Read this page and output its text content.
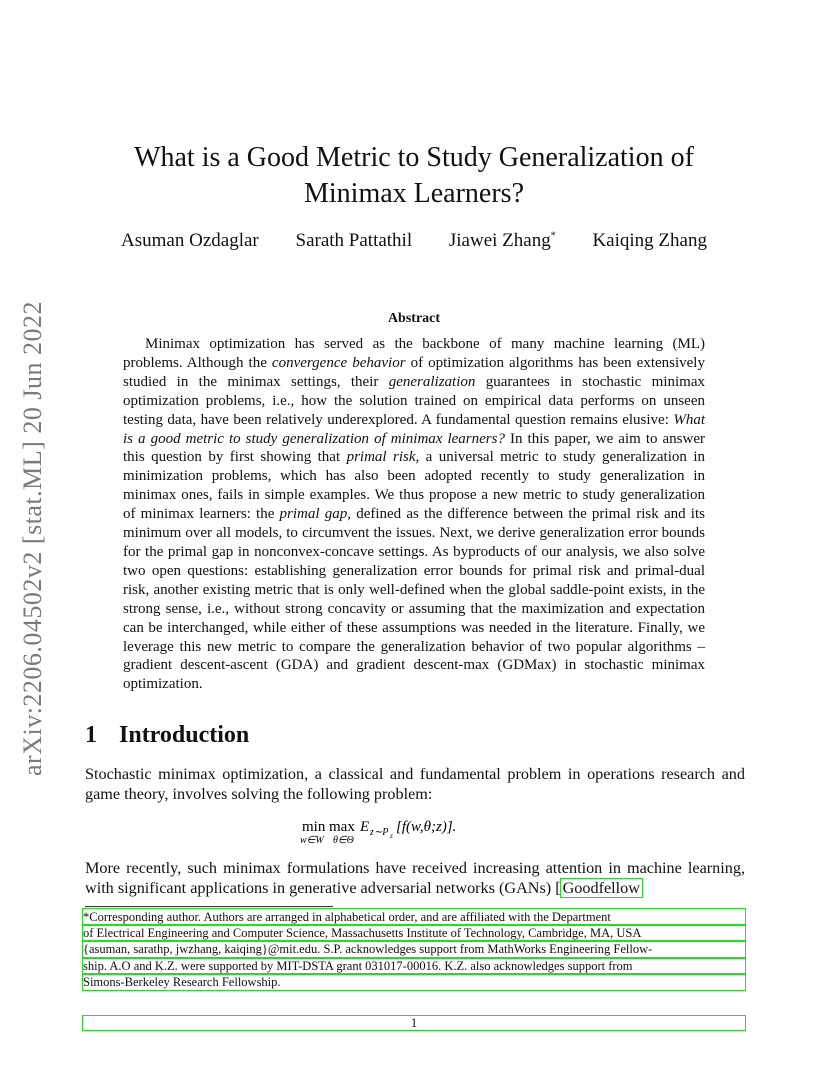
arXiv:2206.04502v2 [stat.ML] 20 Jun 2022
What is a Good Metric to Study Generalization of
Minimax Learners?
Asuman Ozdaglar Sarath Pattathil Jiawei Zhang* Kaiqing Zhang
Abstract
Minimax optimization has served as the backbone of many machine learning (ML) problems. Although the convergence behavior of optimization algorithms has been extensively studied in the minimax settings, their generalization guarantees in stochastic minimax optimization problems, i.e., how the solution trained on empirical data performs on unseen testing data, have been relatively underexplored. A fundamental question remains elusive: What is a good metric to study generalization of minimax learners? In this paper, we aim to answer this question by first showing that primal risk, a universal metric to study generalization in minimization problems, which has also been adopted recently to study generalization in minimax ones, fails in simple examples. We thus propose a new metric to study generalization of minimax learners: the primal gap, defined as the difference between the primal risk and its minimum over all models, to circumvent the issues. Next, we derive generalization error bounds for the primal gap in nonconvex-concave settings. As byproducts of our analysis, we also solve two open questions: establishing generalization error bounds for primal risk and primal-dual risk, another existing metric that is only well-defined when the global saddle-point exists, in the strong sense, i.e., without strong concavity or assuming that the maximization and expectation can be interchanged, while either of these assumptions was needed in the literature. Finally, we leverage this new metric to compare the generalization behavior of two popular algorithms – gradient descent-ascent (GDA) and gradient descent-max (GDMax) in stochastic minimax optimization.
1 Introduction
Stochastic minimax optimization, a classical and fundamental problem in operations research and game theory, involves solving the following problem:
min
w∈W
max
θ∈Θ
E z∼P z
[f(w,θ;z)].
More recently, such minimax formulations have received increasing attention in machine learning, with significant applications in generative adversarial networks (GANs) [ Goodfellow
*Corresponding author. Authors are arranged in alphabetical order, and are affiliated with the Department
of Electrical Engineering and Computer Science, Massachusetts Institute of Technology, Cambridge, MA, USA
{asuman, sarathp, jwzhang, kaiqing}@mit.edu. S.P. acknowledges support from MathWorks Engineering Fellow-
ship. A.O and K.Z. were supported by MIT-DSTA grant 031017-00016. K.Z. also acknowledges support from
Simons-Berkeley Research Fellowship.
1
